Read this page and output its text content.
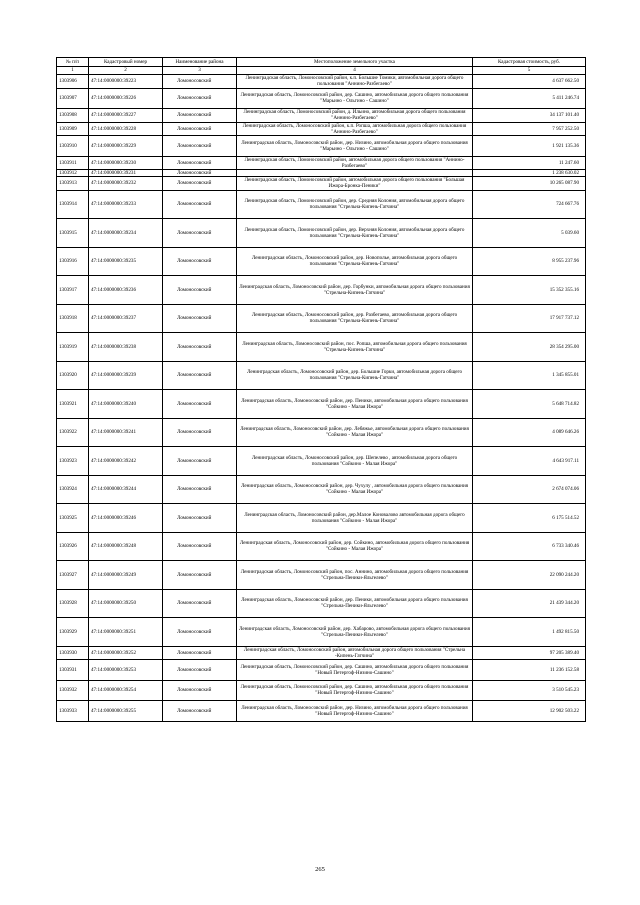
№ п/п	Кадастровый номер	Наименование района	Местоположение земельного участка	Кадастровая стоимость, руб.
1	2	3	4	5
1303906	47:14:0000000:39223	Ломоносовский	Ленинградская область, Ломоносовский район, к.п. Большие Томики, автомобильная дорога общего пользования "Аннино-Разбегаево"	4 637 662.50
1303907	47:14:0000000:39226	Ломоносовский	Ленинградская область, Ломоносовский район, дер. Сашино, автомобильная дорога общего пользования "Марьино - Ольгино - Сашино"	5 411 246.74
1303908	47:14:0000000:39227	Ломоносовский	Ленинградская область, Ломоносовский район, д. Ильино, автомобильная дорога общего пользования "Аннино-Разбегаево"	34 137 101.40
1303909	47:14:0000000:39228	Ломоносовский	Ленинградская область, Ломоносовский район, к.п. Ропша, автомобильная дорога общего пользования "Аннино-Разбегаево"	7 957 252.50
1303910	47:14:0000000:39229	Ломоносовский	Ленинградская область, Ломоносовский район, дер. Низино, автомобильная дорога общего пользования "Марьино - Ольгино - Сашино"	1 921 135.36
1303911	47:14:0000000:39230	Ломоносовский	Ленинградская область, Ломоносовский район, автомобильная дорога общего пользования "Аннино-Разбегаево"	11 247.60
1303912	47:14:0000000:39231	Ломоносовский		1 238 630.02
1303913	47:14:0000000:39232	Ломоносовский	Ленинградская область, Ломоносовский район, автомобильная дорога общего пользования "Большая Ижора-Бронка-Пеники"	10 265 087.90
1303914	47:14:0000000:39233	Ломоносовский	Ленинградская область, Ломоносовский район, дер. Средняя Колония, автомобильная дорога общего пользования "Стрельна-Кипень-Гатчина"	724 667.76
1303915	47:14:0000000:39234	Ломоносовский	Ленинградская область, Ломоносовский район, дер. Верхняя Колония, автомобильная дорога общего пользования "Стрельна-Кипень-Гатчина"	5 039.60
1303916	47:14:0000000:39235	Ломоносовский	Ленинградская область, Ломоносовский район, дер. Новополье, автомобильная дорога общего пользования "Стрельна-Кипень-Гатчина"	8 955 237.96
1303917	47:14:0000000:39236	Ломоносовский	Ленинградская область, Ломоносовский район, дер. Горбунки, автомобильная дорога общего пользования "Стрельна-Кипень-Гатчина"	15 352 355.16
1303918	47:14:0000000:39237	Ломоносовский	Ленинградская область, Ломоносовский район, дер. Разбегаево, автомобильная дорога общего пользования "Стрельна-Кипень-Гатчина"	17 917 737.12
1303919	47:14:0000000:39238	Ломоносовский	Ленинградская область, Ломоносовский район, пос. Ропша, автомобильная дорога общего пользования "Стрельна-Кипень-Гатчина"	28 354 295.00
1303920	47:14:0000000:39239	Ломоносовский	Ленинградская область, Ломоносовский район, дер. Большие Горки, автомобильная дорога общего пользования "Стрельна-Кипень-Гатчина"	1 345 855.01
1303921	47:14:0000000:39240	Ломоносовский	Ленинградская область, Ломоносовский район, дер. Пеники, автомобильная дорога общего пользования "Сойкино - Малая Ижора"	5 648 714.82
1303922	47:14:0000000:39241	Ломоносовский	Ленинградская область, Ломоносовский район, дер. Лебяжье, автомобильная дорога общего пользования "Сойкино - Малая Ижора"	4 089 646.26
1303923	47:14:0000000:39242	Ломоносовский	Ленинградская область, Ломоносовский район, дер. Шепелево , автомобильная дорога общего пользования "Сойкино - Малая Ижора"	4 643 917.11
1303924	47:14:0000000:39244	Ломоносовский	Ленинградская область, Ломоносовский район, дер. Чухулу , автомобильная дорога общего пользования "Сойкино - Малая Ижора"	2 674 074.06
1303925	47:14:0000000:39246	Ломоносовский	Ленинградская область, Ломоносовский район, дер.Малое Коновалово автомобильная дорога общего пользования "Сойкино - Малая Ижора"	6 175 514.52
1303926	47:14:0000000:39248	Ломоносовский	Ленинградская область, Ломоносовский район, дер. Сойкино, автомобильная дорога общего пользования "Сойкино - Малая Ижора"	6 733 340.46
1303927	47:14:0000000:39249	Ломоносовский	Ленинградская область, Ломоносовский район, пос. Аннино, автомобильная дорога общего пользования "Стрельна-Пеники-Яльгелево"	22 090 244.20
1303928	47:14:0000000:39250	Ломоносовский	Ленинградская область, Ломоносовский район, дер. Пеники, автомобильная дорога общего пользования "Стрельна-Пеники-Яльгелево"	21 439 344.20
1303929	47:14:0000000:39251	Ломоносовский	Ленинградская область, Ломоносовский район, дер. Хабарово, автомобильная дорога общего пользования "Стрельна-Пеники-Яльгелево"	1 492 815.50
1303930	47:14:0000000:39252	Ломоносовский	Ленинградская область, Ломоносовский район, автомобильная дорога общего пользования "Стрельна -Кипень-Гатчина"	97 205 389.40
1303931	47:14:0000000:39253	Ломоносовский	Ленинградская область, Ломоносовский район, дер. Сашино, автомобильная дорога общего пользования "Новый Петергоф-Низино-Сашино"	11 236 152.58
1303932	47:14:0000000:39254	Ломоносовский	Ленинградская область, Ломоносовский район, дер. Сашино, автомобильная дорога общего пользования "Новый Петергоф-Низино-Сашино"	3 510 545.23
1303933	47:14:0000000:39255	Ломоносовский	Ленинградская область, Ломоносовский район, дер. Низино, автомобильная дорога общего пользования "Новый Петергоф-Низино-Сашино"	12 902 503.22
265
